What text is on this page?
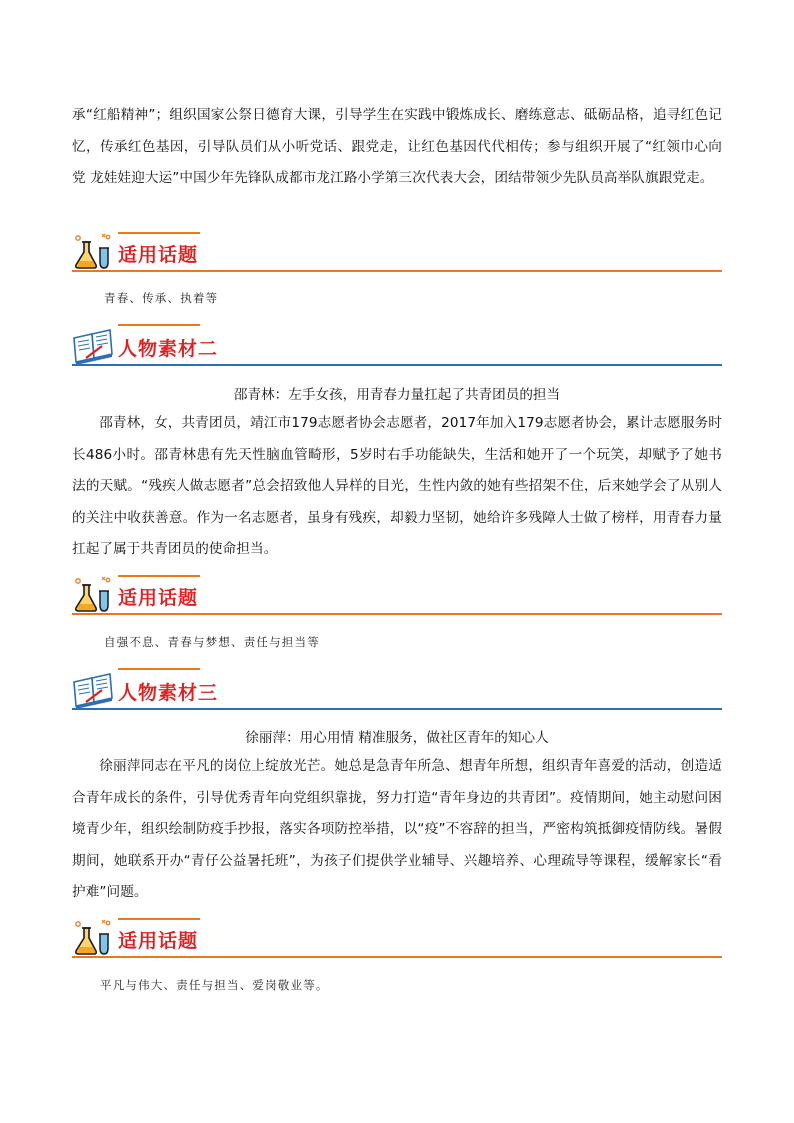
承“红船精神”；组织国家公祭日德育大课，引导学生在实践中锻炼成长、磨练意志、砥砺品格，追寻红色记忆，传承红色基因，引导队员们从小听党话、跟党走，让红色基因代代相传；参与组织开展了“红领巾心向党 龙娃娃迎大运”中国少年先锋队成都市龙江路小学第三次代表大会，团结带领少先队员高举队旗跟党走。

适用话题

青春、传承、执着等

人物素材二

邵青林：左手女孩，用青春力量扛起了共青团员的担当

邵青林，女，共青团员，靖江市179志愿者协会志愿者，2017年加入179志愿者协会，累计志愿服务时长486小时。邵青林患有先天性脑血管畸形，5岁时右手功能缺失，生活和她开了一个玩笑，却赋予了她书法的天赋。“残疾人做志愿者”总会招致他人异样的目光，生性内敛的她有些招架不住，后来她学会了从别人的关注中收获善意。作为一名志愿者，虽身有残疾，却毅力坚韧，她给许多残障人士做了榜样，用青春力量扛起了属于共青团员的使命担当。

适用话题

自强不息、青春与梦想、责任与担当等

人物素材三

徐丽萍：用心用情 精准服务，做社区青年的知心人

徐丽萍同志在平凡的岗位上绽放光芒。她总是急青年所急、想青年所想，组织青年喜爱的活动，创造适合青年成长的条件，引导优秀青年向党组织靠拢，努力打造“青年身边的共青团”。疫情期间，她主动慰问困境青少年，组织绘制防疫手抄报，落实各项防控举措，以“疫”不容辞的担当，严密构筑抵御疫情防线。暑假期间，她联系开办“青仔公益暑托班”，为孩子们提供学业辅导、兴趣培养、心理疏导等课程，缓解家长“看护难”问题。

适用话题

平凡与伟大、责任与担当、爱岗敬业等。
